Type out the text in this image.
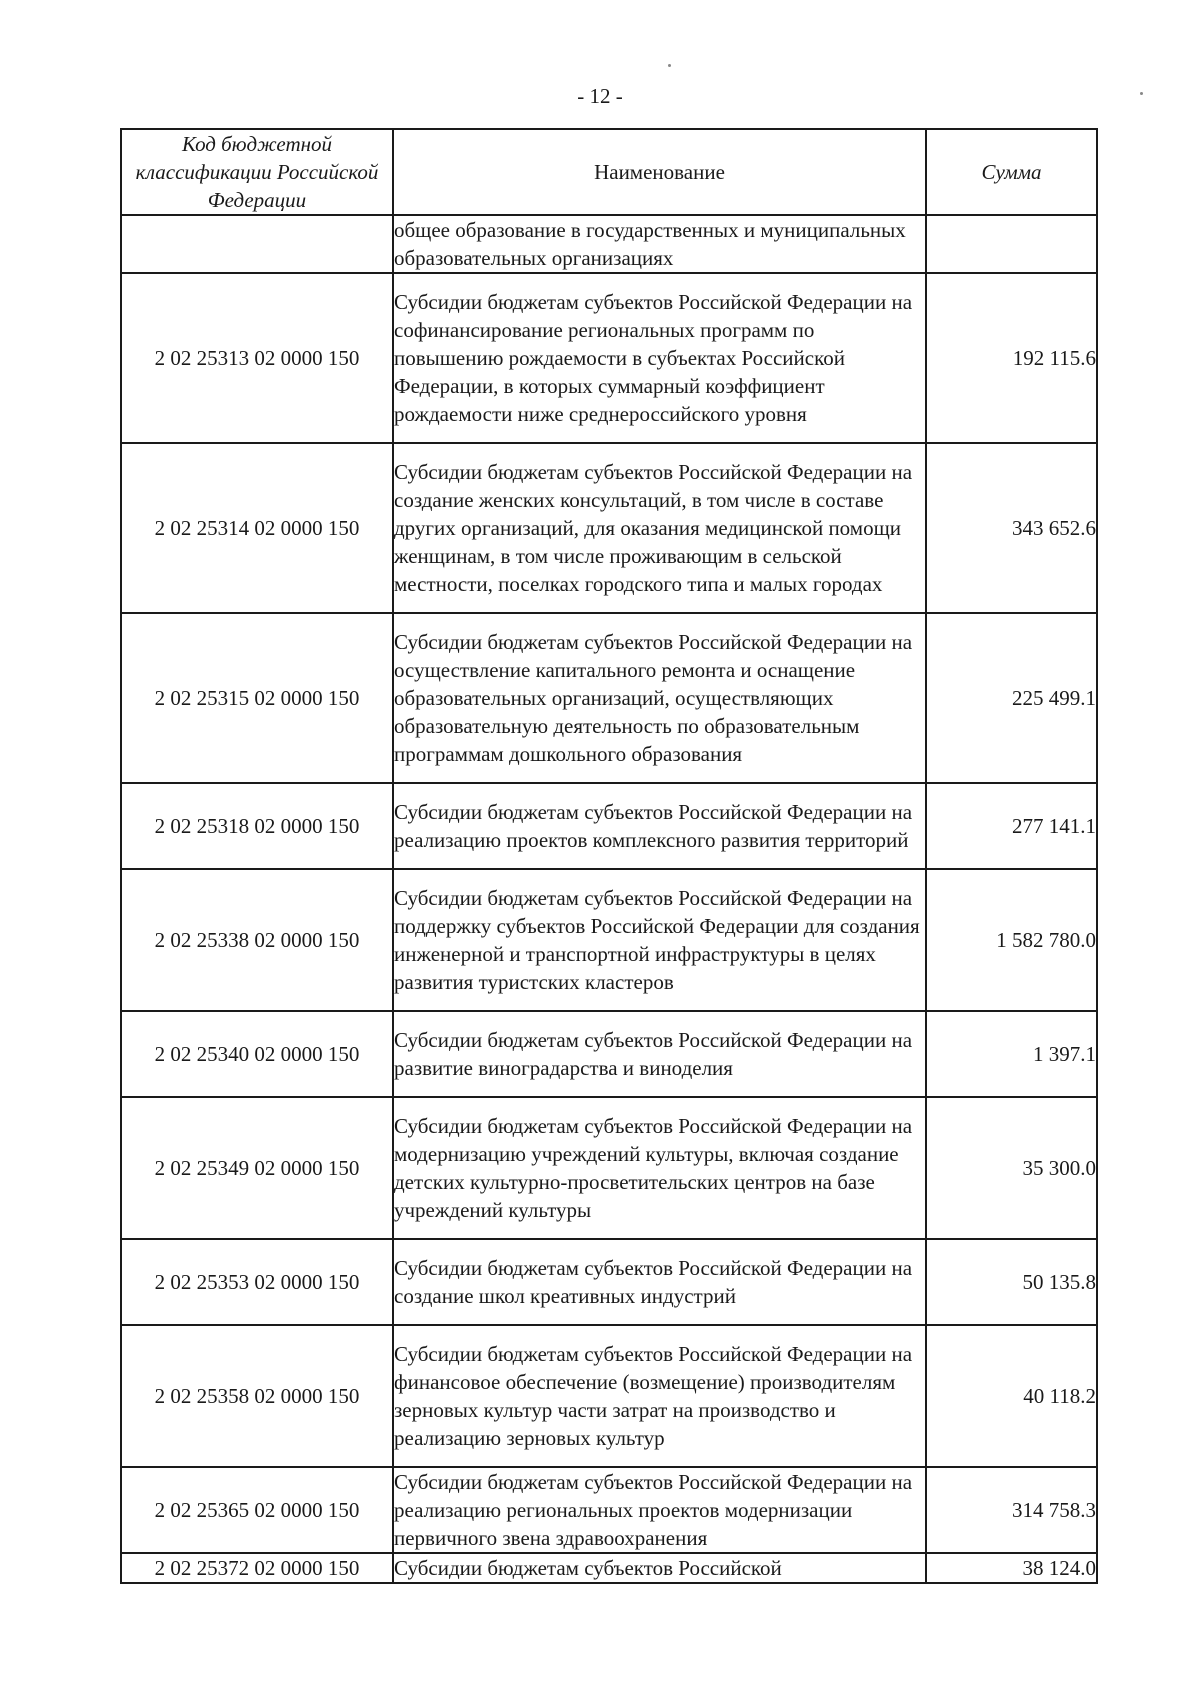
- 12 -
Код бюджетной классификации Российской Федерации	Наименование	Сумма
	общее образование в государственных и муниципальных образовательных организациях	
2 02 25313 02 0000 150	Субсидии бюджетам субъектов Российской Федерации на софинансирование региональных программ по повышению рождаемости в субъектах Российской Федерации, в которых суммарный коэффициент рождаемости ниже среднероссийского уровня	192 115.6
2 02 25314 02 0000 150	Субсидии бюджетам субъектов Российской Федерации на создание женских консультаций, в том числе в составе других организаций, для оказания медицинской помощи женщинам, в том числе проживающим в сельской местности, поселках городского типа и малых городах	343 652.6
2 02 25315 02 0000 150	Субсидии бюджетам субъектов Российской Федерации на осуществление капитального ремонта и оснащение образовательных организаций, осуществляющих образовательную деятельность по образовательным программам дошкольного образования	225 499.1
2 02 25318 02 0000 150	Субсидии бюджетам субъектов Российской Федерации на реализацию проектов комплексного развития территорий	277 141.1
2 02 25338 02 0000 150	Субсидии бюджетам субъектов Российской Федерации на поддержку субъектов Российской Федерации для создания инженерной и транспортной инфраструктуры в целях развития туристских кластеров	1 582 780.0
2 02 25340 02 0000 150	Субсидии бюджетам субъектов Российской Федерации на развитие виноградарства и виноделия	1 397.1
2 02 25349 02 0000 150	Субсидии бюджетам субъектов Российской Федерации на модернизацию учреждений культуры, включая создание детских культурно-просветительских центров на базе учреждений культуры	35 300.0
2 02 25353 02 0000 150	Субсидии бюджетам субъектов Российской Федерации на создание школ креативных индустрий	50 135.8
2 02 25358 02 0000 150	Субсидии бюджетам субъектов Российской Федерации на финансовое обеспечение (возмещение) производителям зерновых культур части затрат на производство и реализацию зерновых культур	40 118.2
2 02 25365 02 0000 150	Субсидии бюджетам субъектов Российской Федерации на реализацию региональных проектов модернизации первичного звена здравоохранения	314 758.3
2 02 25372 02 0000 150	Субсидии бюджетам субъектов Российской	38 124.0
